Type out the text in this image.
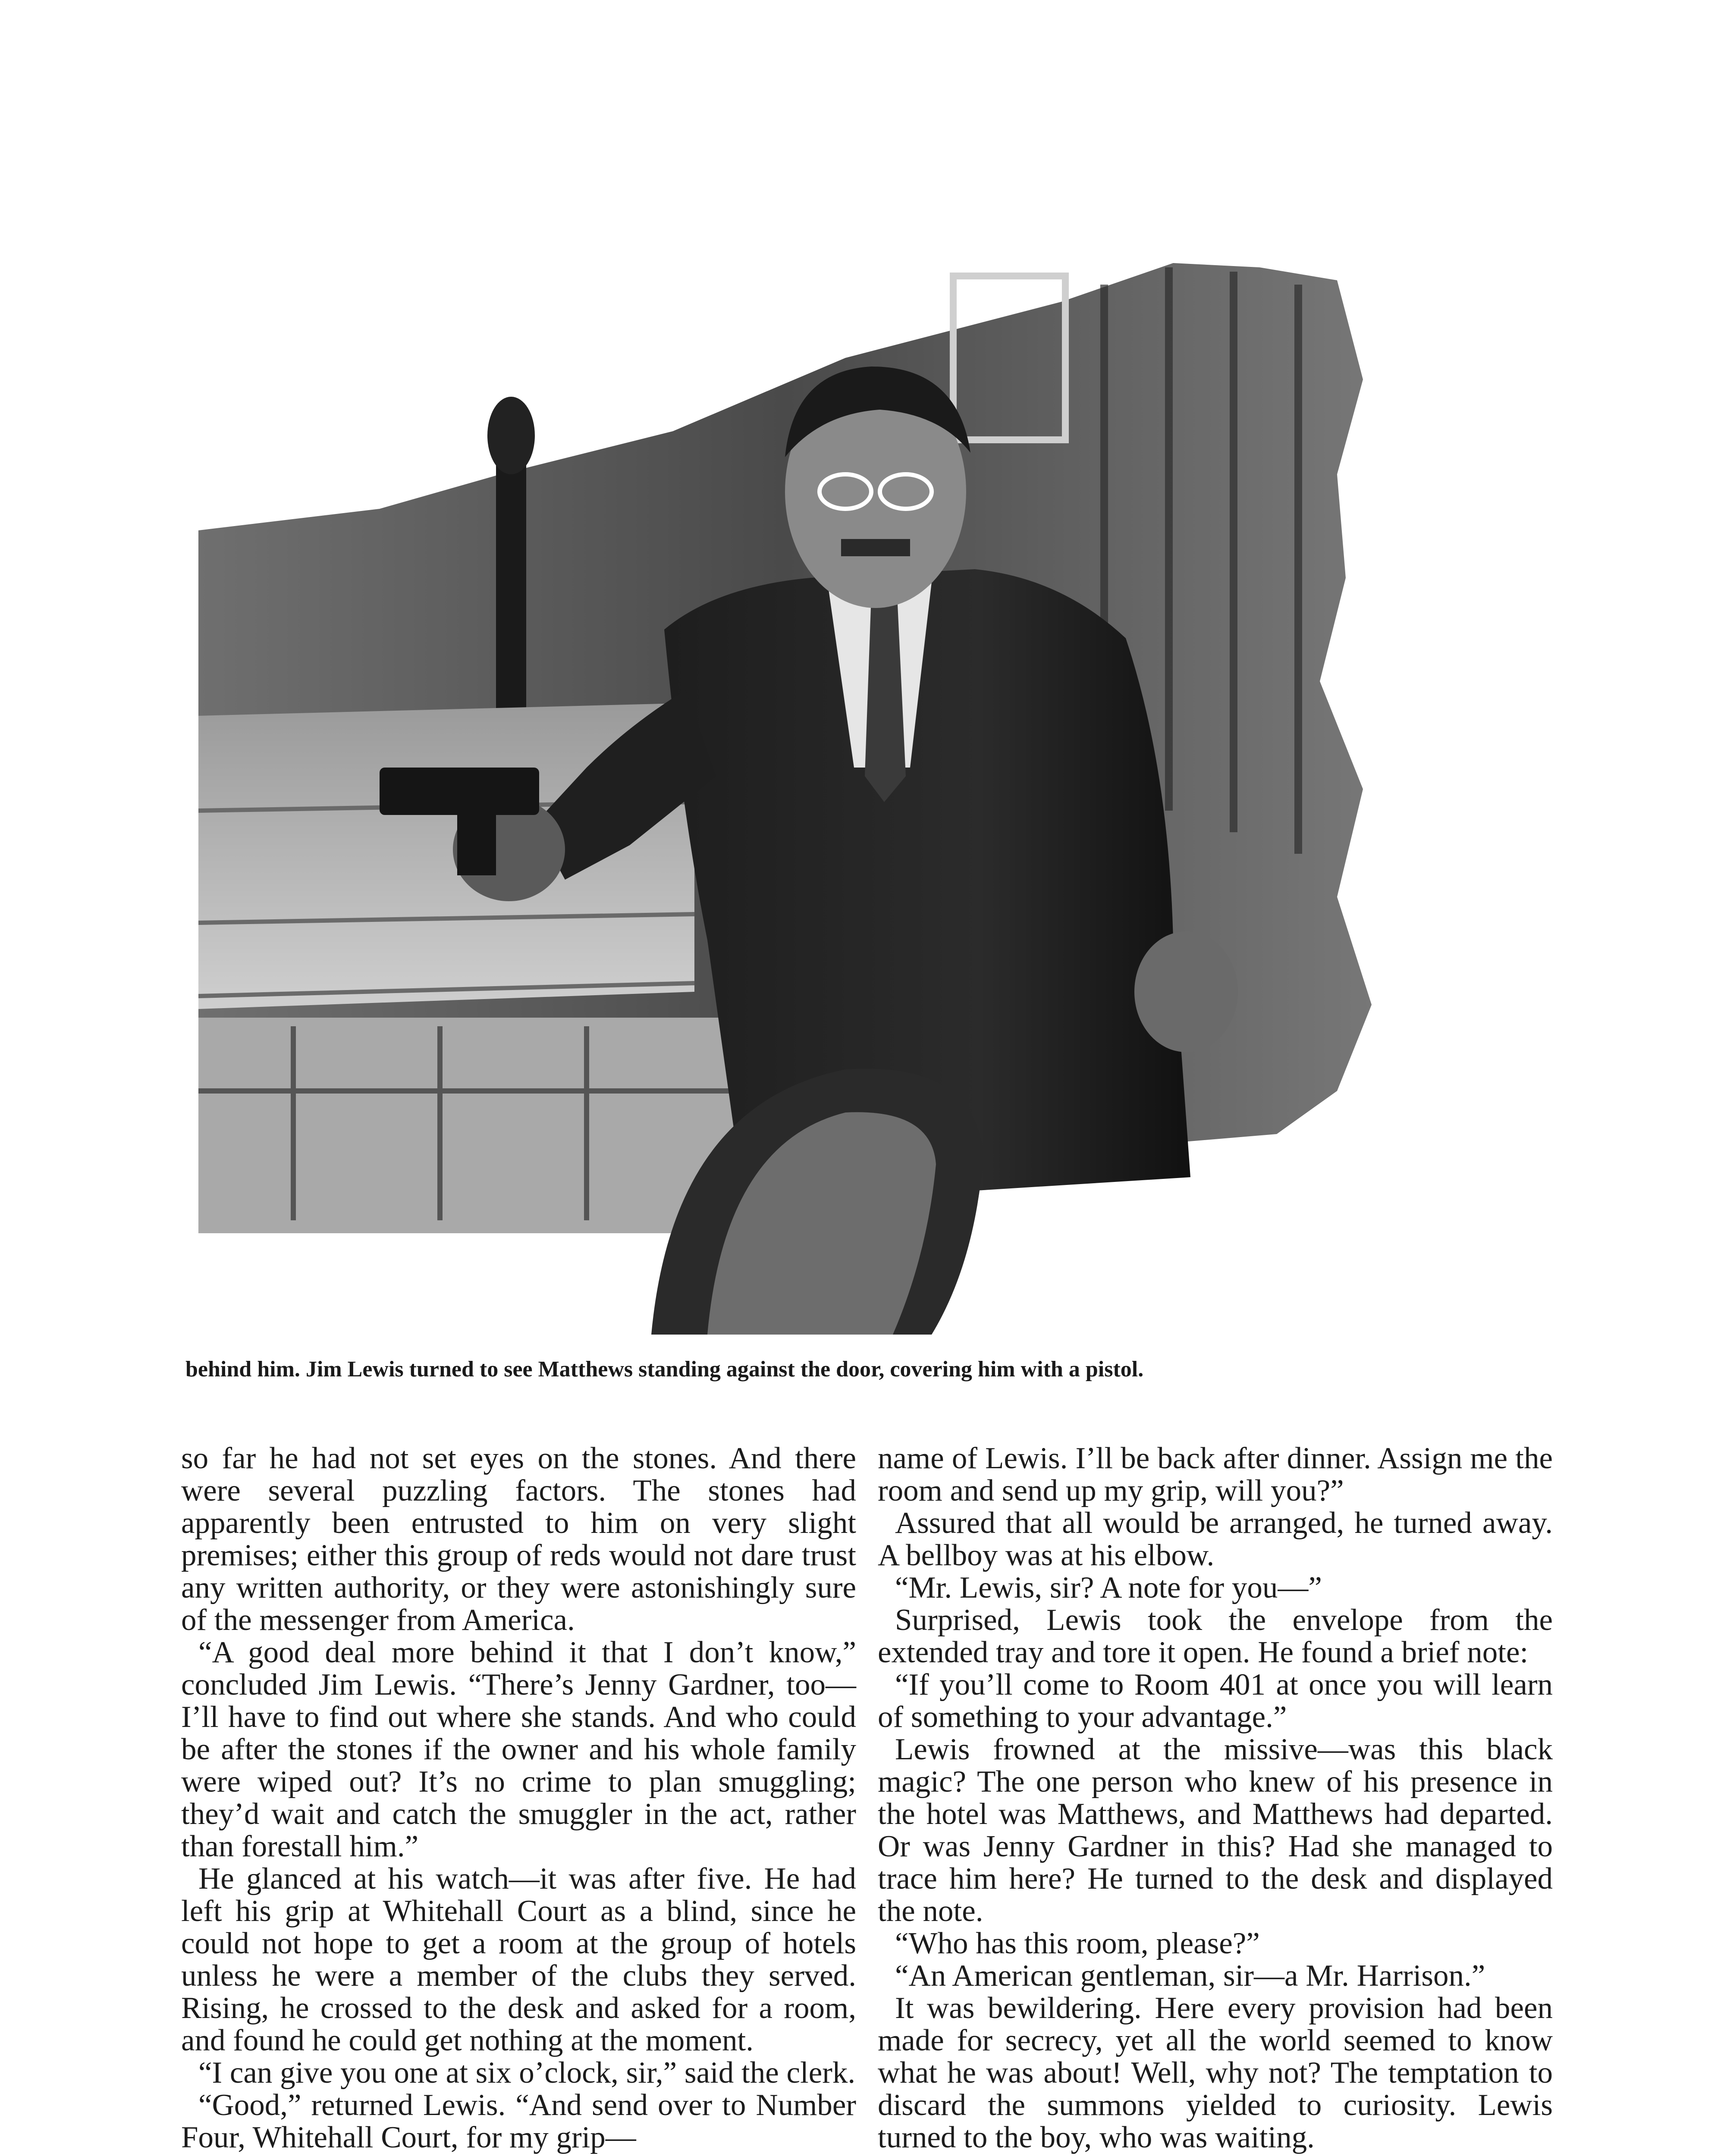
behind him. Jim Lewis turned to see Matthews standing against the door, covering him with a pistol.

so far he had not set eyes on the stones. And there were several puzzling factors. The stones had apparently been entrusted to him on very slight premises; either this group of reds would not dare trust any written authority, or they were astonishingly sure of the messenger from America.

“A good deal more behind it that I don’t know,” concluded Jim Lewis. “There’s Jenny Gardner, too—I’ll have to find out where she stands. And who could be after the stones if the owner and his whole family were wiped out? It’s no crime to plan smuggling; they’d wait and catch the smuggler in the act, rather than forestall him.”

He glanced at his watch—it was after five. He had left his grip at Whitehall Court as a blind, since he could not hope to get a room at the group of hotels unless he were a member of the clubs they served. Rising, he crossed to the desk and asked for a room, and found he could get nothing at the moment.

“I can give you one at six o’clock, sir,” said the clerk.

“Good,” returned Lewis. “And send over to Number Four, Whitehall Court, for my grip—

name of Lewis. I’ll be back after dinner. Assign me the room and send up my grip, will you?”

Assured that all would be arranged, he turned away. A bellboy was at his elbow.

“Mr. Lewis, sir? A note for you—”

Surprised, Lewis took the envelope from the extended tray and tore it open. He found a brief note:

“If you’ll come to Room 401 at once you will learn of something to your advantage.”

Lewis frowned at the missive—was this black magic? The one person who knew of his presence in the hotel was Matthews, and Matthews had departed. Or was Jenny Gardner in this? Had she managed to trace him here? He turned to the desk and displayed the note.

“Who has this room, please?”

“An American gentleman, sir—a Mr. Harrison.”

It was bewildering. Here every provision had been made for secrecy, yet all the world seemed to know what he was about! Well, why not? The temptation to discard the summons yielded to curiosity. Lewis turned to the boy, who was waiting.
